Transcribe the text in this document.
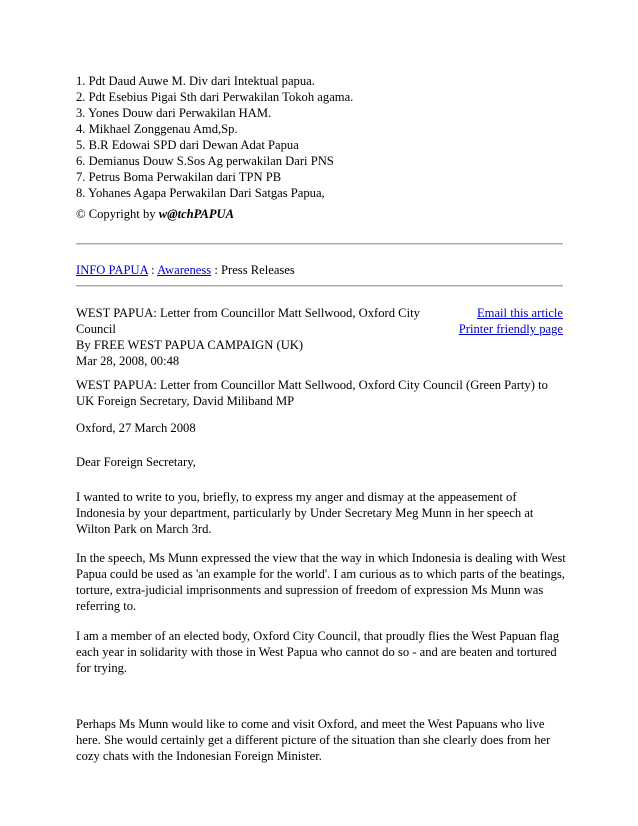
1. Pdt Daud Auwe M. Div dari Intektual papua.

2. Pdt Esebius Pigai Sth dari Perwakilan Tokoh agama.

3. Yones Douw dari Perwakilan HAM.

4. Mikhael Zonggenau Amd,Sp.

5. B.R Edowai SPD dari Dewan Adat Papua

6. Demianus Douw S.Sos Ag perwakilan Dari PNS

7. Petrus Boma Perwakilan dari TPN PB

8. Yohanes Agapa Perwakilan Dari Satgas Papua,

© Copyright by w@tchPAPUA
INFO PAPUA : Awareness : Press Releases

WEST PAPUA: Letter from Councillor Matt Sellwood, Oxford City

Council

By FREE WEST PAPUA CAMPAIGN (UK)

Mar 28, 2008, 00:48

Email this article

Printer friendly page

WEST PAPUA: Letter from Councillor Matt Sellwood, Oxford City Council (Green Party) to

UK Foreign Secretary, David Miliband MP

Oxford, 27 March 2008
Dear Foreign Secretary,

I wanted to write to you, briefly, to express my anger and dismay at the appeasement of

Indonesia by your department, particularly by Under Secretary Meg Munn in her speech at

Wilton Park on March 3rd.

In the speech, Ms Munn expressed the view that the way in which Indonesia is dealing with West

Papua could be used as 'an example for the world'. I am curious as to which parts of the beatings,

torture, extra-judicial imprisonments and supression of freedom of expression Ms Munn was

referring to.

I am a member of an elected body, Oxford City Council, that proudly flies the West Papuan flag

each year in solidarity with those in West Papua who cannot do so - and are beaten and tortured

for trying.

Perhaps Ms Munn would like to come and visit Oxford, and meet the West Papuans who live

here. She would certainly get a different picture of the situation than she clearly does from her

cozy chats with the Indonesian Foreign Minister.
